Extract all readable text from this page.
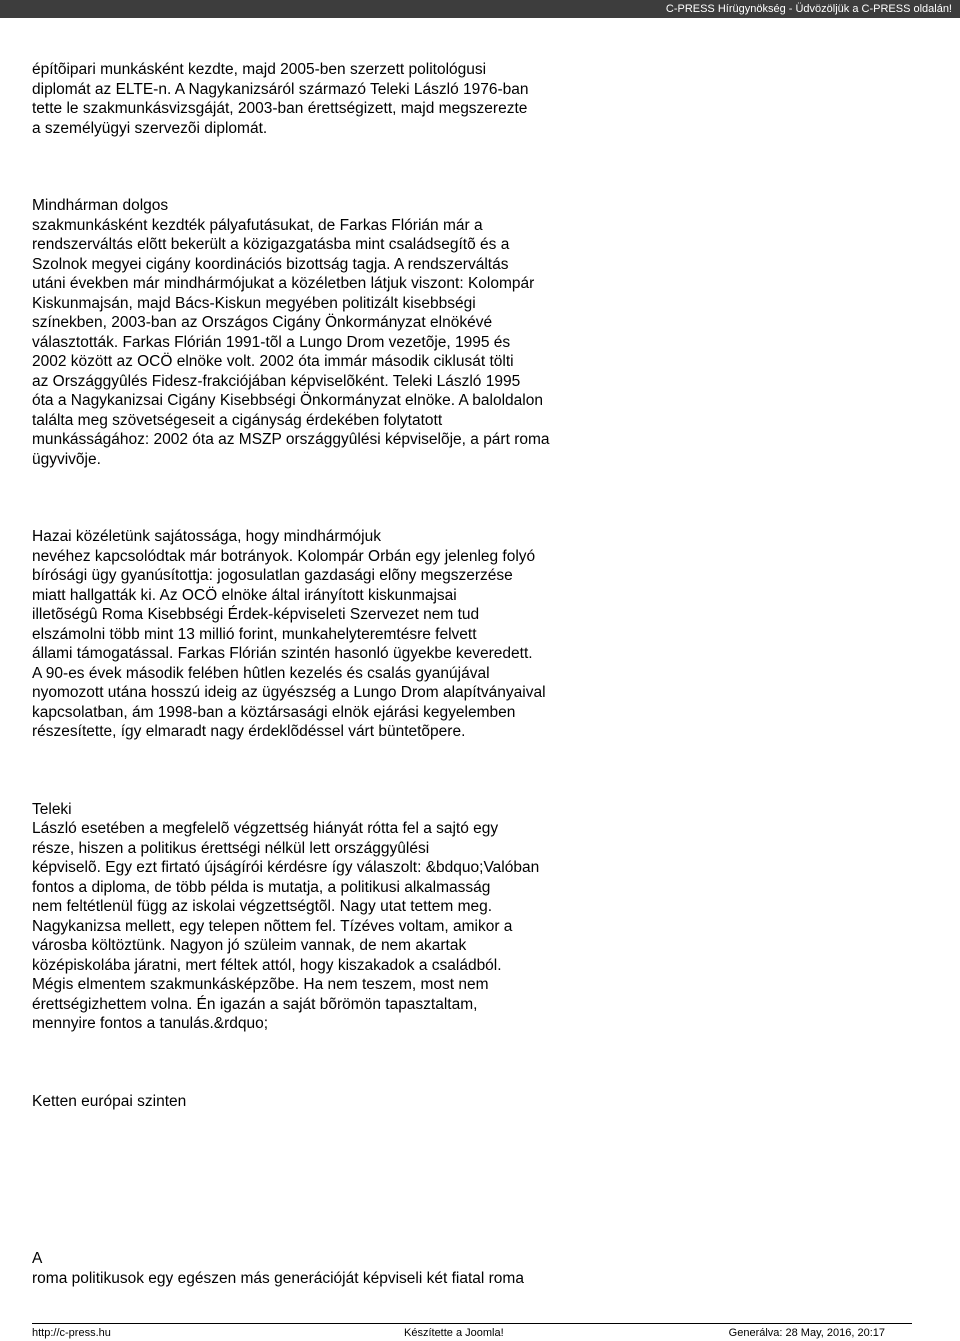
C-PRESS Hírügynökség - Üdvözöljük a C-PRESS oldalán!

építõipari munkásként kezdte, majd 2005-ben szerzett politológusi
diplomát az ELTE-n. A Nagykanizsáról származó Teleki László 1976-ban
tette le szakmunkásvizsgáját, 2003-ban érettségizett, majd megszerezte
a személyügyi szervezõi diplomát.

Mindhárman dolgos
szakmunkásként kezdték pályafutásukat, de Farkas Flórián már a
rendszerváltás elõtt bekerült a közigazgatásba mint családsegítõ és a
Szolnok megyei cigány koordinációs bizottság tagja. A rendszerváltás
utáni években már mindhármójukat a közéletben látjuk viszont: Kolompár
Kiskunmajsán, majd Bács-Kiskun megyében politizált kisebbségi
színekben, 2003-ban az Országos Cigány Önkormányzat elnökévé
választották. Farkas Flórián 1991-tõl a Lungo Drom vezetõje, 1995 és
2002 között az OCÖ elnöke volt. 2002 óta immár második ciklusát tölti
az Országgyûlés Fidesz-frakciójában képviselõként. Teleki László 1995
óta a Nagykanizsai Cigány Kisebbségi Önkormányzat elnöke. A baloldalon
találta meg szövetségeseit a cigányság érdekében folytatott
munkásságához: 2002 óta az MSZP országgyûlési képviselõje, a párt roma
ügyvivõje.

Hazai közéletünk sajátossága, hogy mindhármójuk
nevéhez kapcsolódtak már botrányok. Kolompár Orbán egy jelenleg folyó
bírósági ügy gyanúsítottja: jogosulatlan gazdasági elõny megszerzése
miatt hallgatták ki. Az OCÖ elnöke által irányított kiskunmajsai
illetõségû Roma Kisebbségi Érdek-képviseleti Szervezet nem tud
elszámolni több mint 13 millió forint, munkahelyteremtésre felvett
állami támogatással. Farkas Flórián szintén hasonló ügyekbe keveredett.
A 90-es évek második felében hûtlen kezelés és csalás gyanújával
nyomozott utána hosszú ideig az ügyészség a Lungo Drom alapítványaival
kapcsolatban, ám 1998-ban a köztársasági elnök ejárási kegyelemben
részesítette, így elmaradt nagy érdeklõdéssel várt büntetõpere.

Teleki
László esetében a megfelelõ végzettség hiányát rótta fel a sajtó egy
része, hiszen a politikus érettségi nélkül lett országgyûlési
képviselõ. Egy ezt firtató újságírói kérdésre így válaszolt: &bdquo;Valóban
fontos a diploma, de több példa is mutatja, a politikusi alkalmasság
nem feltétlenül függ az iskolai végzettségtõl. Nagy utat tettem meg.
Nagykanizsa mellett, egy telepen nõttem fel. Tízéves voltam, amikor a
városba költöztünk. Nagyon jó szüleim vannak, de nem akartak
középiskolába járatni, mert féltek attól, hogy kiszakadok a családból.
Mégis elmentem szakmunkásképzõbe. Ha nem teszem, most nem
érettségizhettem volna. Én igazán a saját bõrömön tapasztaltam,
mennyire fontos a tanulás.&rdquo;

Ketten európai szinten

A
roma politikusok egy egészen más generációját képviseli két fiatal roma

http://c-press.hu	Készítette a Joomla!	Generálva: 28 May, 2016, 20:17
